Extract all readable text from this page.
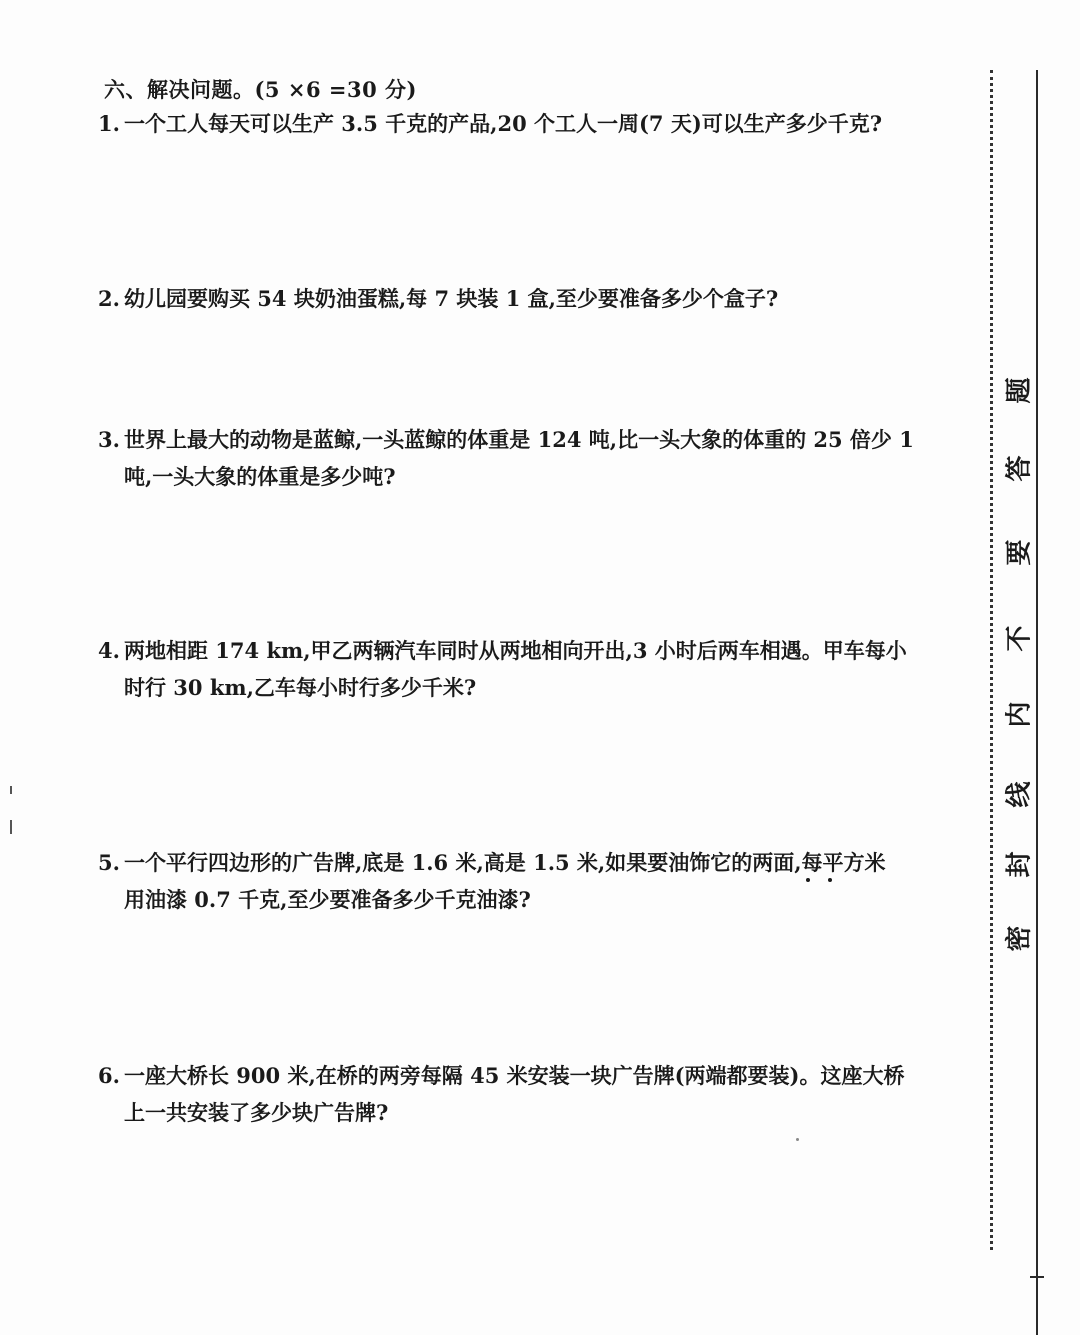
六、解决问题。(5 ×6 =30 分)
1. 一个工人每天可以生产 3.5 千克的产品,20 个工人一周(7 天)可以生产多少千克?
2. 幼儿园要购买 54 块奶油蛋糕,每 7 块装 1 盒,至少要准备多少个盒子?
3. 世界上最大的动物是蓝鲸,一头蓝鲸的体重是 124 吨,比一头大象的体重的 25 倍少 1
吨,一头大象的体重是多少吨?
4. 两地相距 174 km,甲乙两辆汽车同时从两地相向开出,3 小时后两车相遇。甲车每小
时行 30 km,乙车每小时行多少千米?
5. 一个平行四边形的广告牌,底是 1.6 米,高是 1.5 米,如果要油饰它的两面,每平方米
用油漆 0.7 千克,至少要准备多少千克油漆?
6. 一座大桥长 900 米,在桥的两旁每隔 45 米安装一块广告牌(两端都要装)。这座大桥
上一共安装了多少块广告牌?
题
答
要
不
内
线
封
密
